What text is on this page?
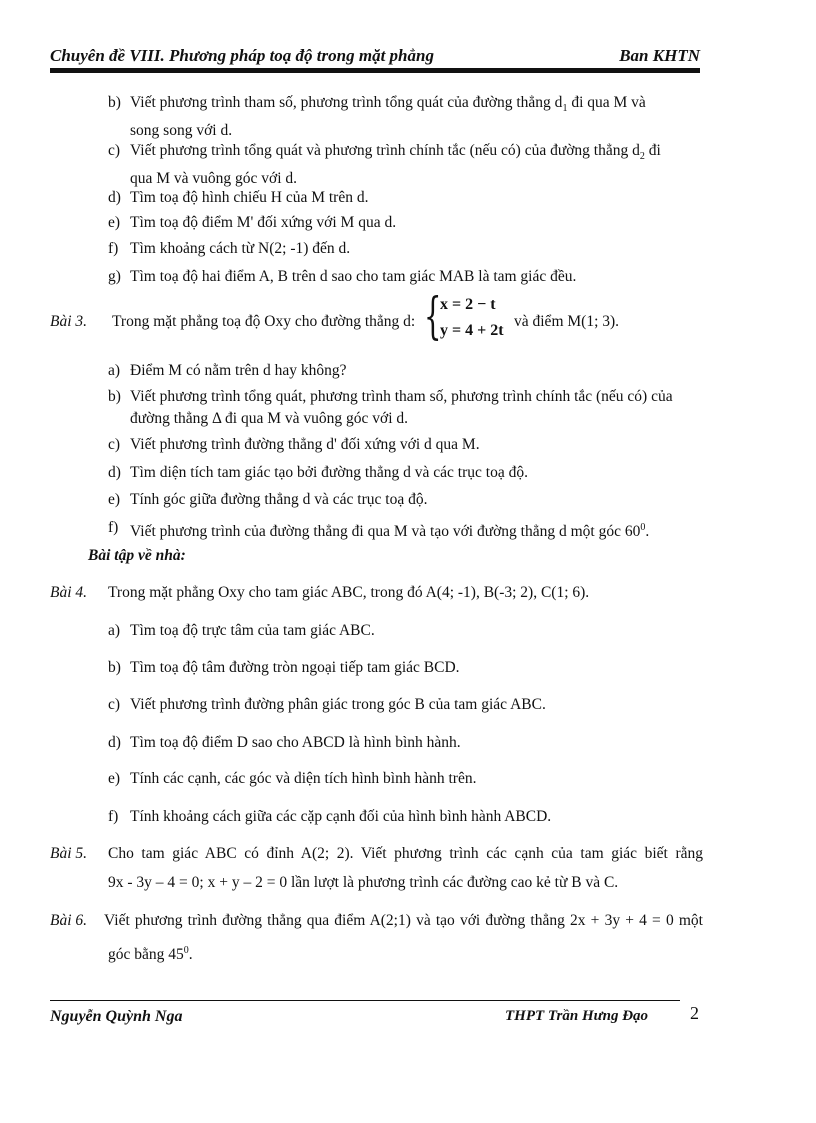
Chuyên đề VIII. Phương pháp toạ độ trong mặt phẳng	Ban KHTN
b) Viết phương trình tham số, phương trình tổng quát của đường thẳng $d_1$ đi qua M và
song song với d.
c) Viết phương trình tổng quát và phương trình chính tắc (nếu có) của đường thẳng $d_2$ đi
qua M và vuông góc với d.
d) Tìm toạ độ hình chiếu H của M trên d.
e) Tìm toạ độ điểm M' đối xứng với M qua d.
f) Tìm khoảng cách từ N(2; -1) đến d.
g) Tìm toạ độ hai điểm A, B trên d sao cho tam giác MAB là tam giác đều.
Bài 3. Trong mặt phẳng toạ độ Oxy cho đường thẳng d: {
x = 2 − t
y = 4 + 2t
và điểm M(1; 3).
a) Điểm M có nằm trên d hay không?
b) Viết phương trình tổng quát, phương trình tham số, phương trình chính tắc (nếu có) của
đường thẳng Δ đi qua M và vuông góc với d.
c) Viết phương trình đường thẳng d' đối xứng với d qua M.
d) Tìm diện tích tam giác tạo bởi đường thẳng d và các trục toạ độ.
e) Tính góc giữa đường thẳng d và các trục toạ độ.
f) Viết phương trình của đường thẳng đi qua M và tạo với đường thẳng d một góc $60^0$.
Bài tập về nhà:
Bài 4. Trong mặt phẳng Oxy cho tam giác ABC, trong đó A(4; -1), B(-3; 2), C(1; 6).
a) Tìm toạ độ trực tâm của tam giác ABC.
b) Tìm toạ độ tâm đường tròn ngoại tiếp tam giác BCD.
c) Viết phương trình đường phân giác trong góc B của tam giác ABC.
d) Tìm toạ độ điểm D sao cho ABCD là hình bình hành.
e) Tính các cạnh, các góc và diện tích hình bình hành trên.
f) Tính khoảng cách giữa các cặp cạnh đối của hình bình hành ABCD.
Bài 5. Cho tam giác ABC có đỉnh A(2; 2). Viết phương trình các cạnh của tam giác biết rằng
9x - 3y – 4 = 0; x + y – 2 = 0 lần lượt là phương trình các đường cao kẻ từ B và C.
Bài 6. Viết phương trình đường thẳng qua điểm A(2;1) và tạo với đường thẳng 2x + 3y + 4 = 0 một
góc bằng $45^0$.
Nguyễn Quỳnh Nga	THPT Trần Hưng Đạo 2
